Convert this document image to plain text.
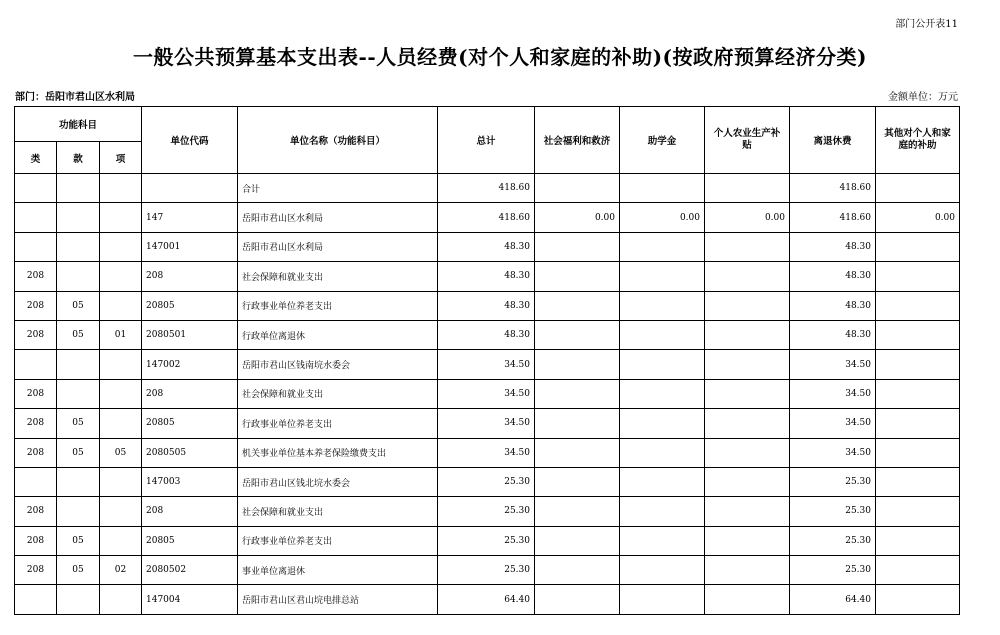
部门公开表11
一般公共预算基本支出表--人员经费(对个人和家庭的补助)(按政府预算经济分类)
部门：岳阳市君山区水利局	金额单位：万元
功能科目			单位代码	单位名称（功能科目）	总计	社会福利和救济	助学金	个人农业生产补贴	离退休费	其他对个人和家庭的补助
类	款	项								
				合计	418.60				418.60	
			147	岳阳市君山区水利局	418.60	0.00	0.00	0.00	418.60	0.00
			147001	岳阳市君山区水利局	48.30				48.30	
208			208	社会保障和就业支出	48.30				48.30	
208	05		20805	行政事业单位养老支出	48.30				48.30	
208	05	01	2080501	行政单位离退休	48.30				48.30	
			147002	岳阳市君山区钱南垸水委会	34.50				34.50	
208			208	社会保障和就业支出	34.50				34.50	
208	05		20805	行政事业单位养老支出	34.50				34.50	
208	05	05	2080505	机关事业单位基本养老保险缴费支出	34.50				34.50	
			147003	岳阳市君山区钱北垸水委会	25.30				25.30	
208			208	社会保障和就业支出	25.30				25.30	
208	05		20805	行政事业单位养老支出	25.30				25.30	
208	05	02	2080502	事业单位离退休	25.30				25.30	
			147004	岳阳市君山区君山垸电排总站	64.40				64.40	
